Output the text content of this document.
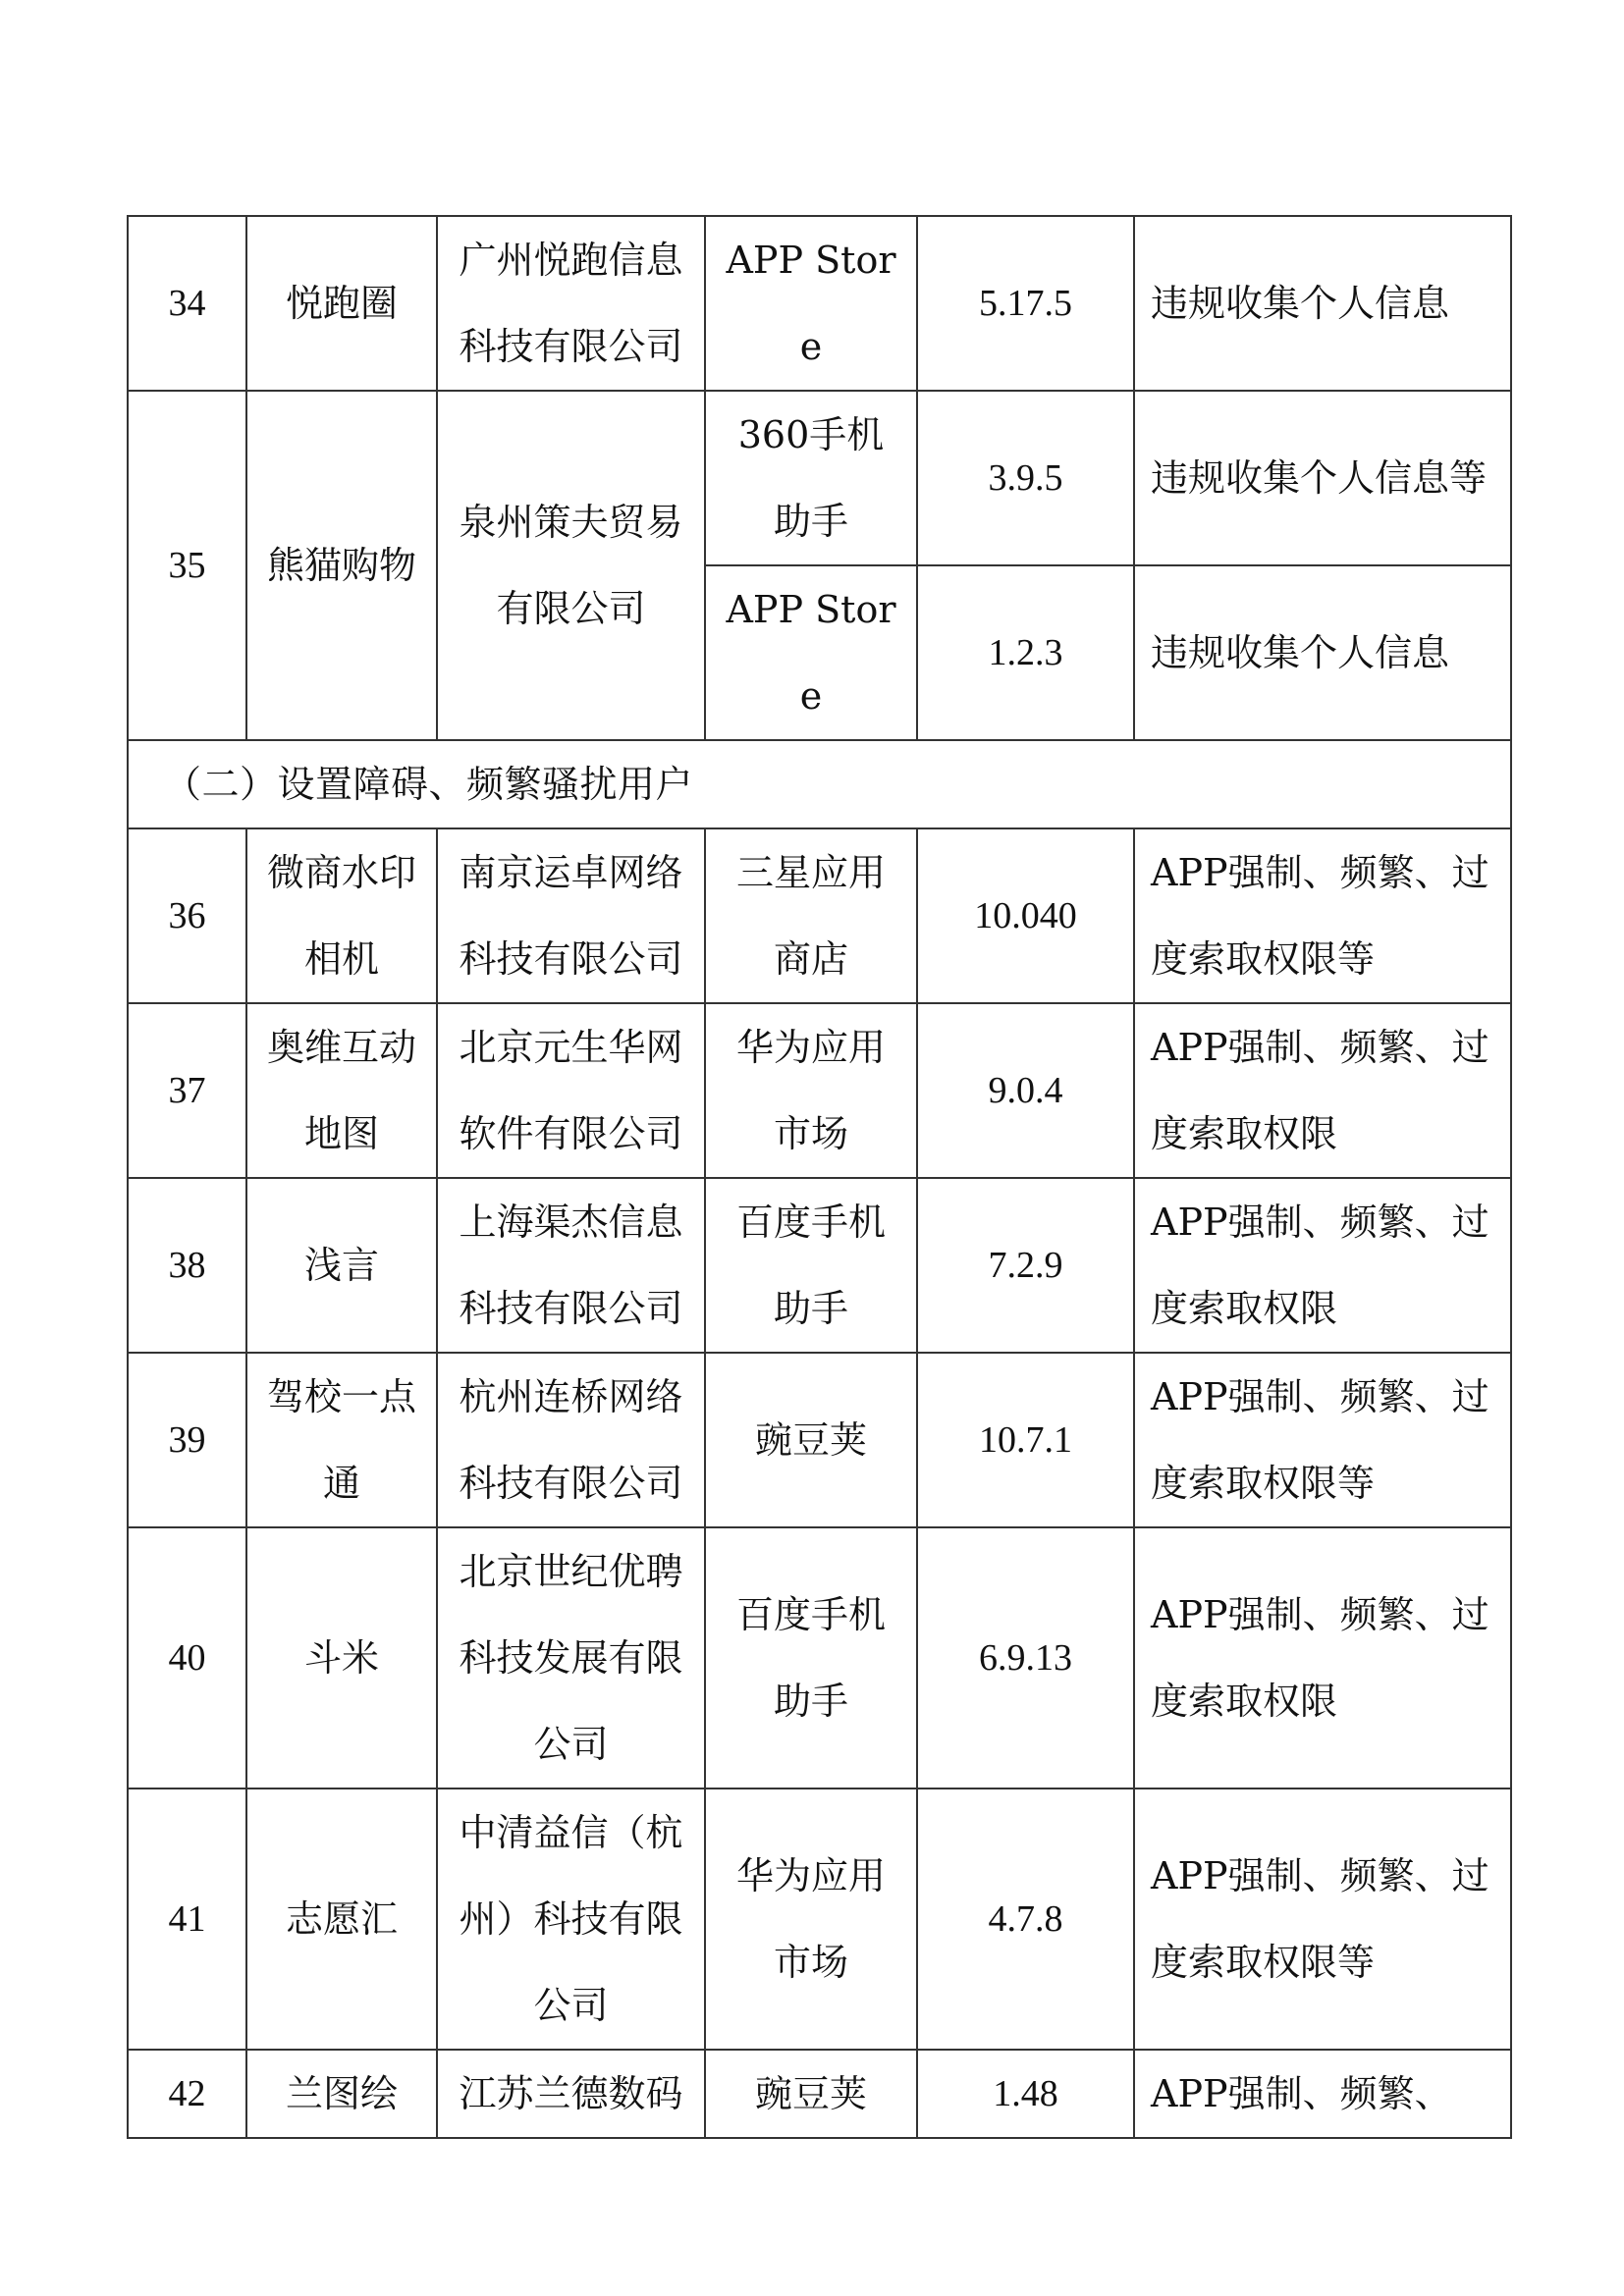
34	悦跑圈	广州悦跑信息科技有限公司	APP Store	5.17.5	违规收集个人信息
35	熊猫购物	泉州策夫贸易有限公司	360手机助手	3.9.5	违规收集个人信息等
			APP Store	1.2.3	违规收集个人信息
（二）设置障碍、频繁骚扰用户					
36	微商水印相机	南京运卓网络科技有限公司	三星应用商店	10.040	APP强制、频繁、过度索取权限等
37	奥维互动地图	北京元生华网软件有限公司	华为应用市场	9.0.4	APP强制、频繁、过度索取权限
38	浅言	上海渠杰信息科技有限公司	百度手机助手	7.2.9	APP强制、频繁、过度索取权限
39	驾校一点通	杭州连桥网络科技有限公司	豌豆荚	10.7.1	APP强制、频繁、过度索取权限等
40	斗米	北京世纪优聘科技发展有限公司	百度手机助手	6.9.13	APP强制、频繁、过度索取权限
41	志愿汇	中清益信（杭州）科技有限公司	华为应用市场	4.7.8	APP强制、频繁、过度索取权限等
42	兰图绘	江苏兰德数码	豌豆荚	1.48	APP强制、频繁、
